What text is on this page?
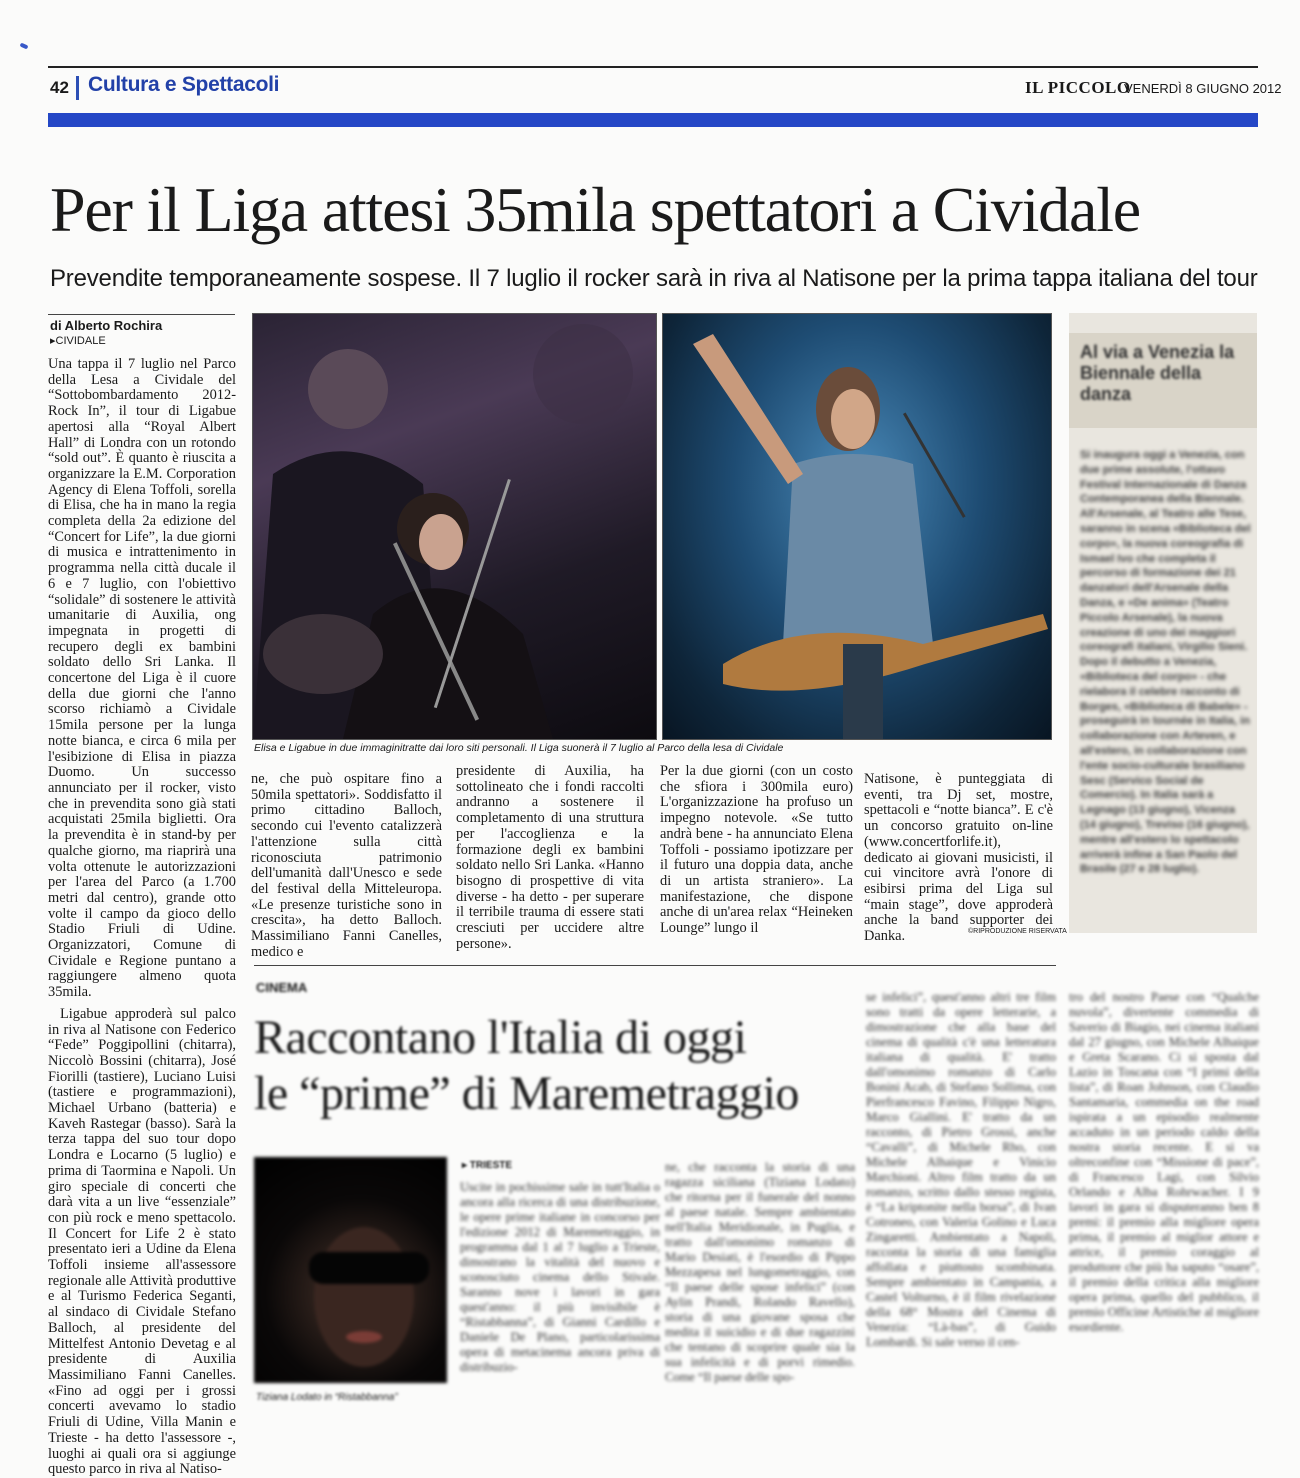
42 Cultura e Spettacoli	IL PICCOLO
VENERDÌ 8 GIUGNO 2012
Per il Liga attesi 35mila spettatori a Cividale
Prevendite temporaneamente sospese. Il 7 luglio il rocker sarà in riva al Natisone per la prima tappa italiana del tour
di Alberto Rochira
▸ CIVIDALE

Una tappa il 7 luglio nel Parco della Lesa a Cividale del “Sottobombardamento 2012-Rock In”, il tour di Ligabue apertosi alla “Royal Albert Hall” di Londra con un rotondo “sold out”. È quanto è riuscita a organizzare la E.M. Corporation Agency di Elena Toffoli, sorella di Elisa, che ha in mano la regia completa della 2a edizione del “Concert for Life”, la due giorni di musica e intrattenimento in programma nella città ducale il 6 e 7 luglio, con l'obiettivo “solidale” di sostenere le attività umanitarie di Auxilia, ong impegnata in progetti di recupero degli ex bambini soldato dello Sri Lanka. Il concertone del Liga è il cuore della due giorni che l'anno scorso richiamò a Cividale 15mila persone per la lunga notte bianca, e circa 6 mila per l'esibizione di Elisa in piazza Duomo. Un successo annunciato per il rocker, visto che in prevendita sono già stati acquistati 25mila biglietti. Ora la prevendita è in stand-by per qualche giorno, ma riaprirà una volta ottenute le autorizzazioni per l'area del Parco (a 1.700 metri dal centro), grande otto volte il campo da gioco dello Stadio Friuli di Udine. Organizzatori, Comune di Cividale e Regione puntano a raggiungere almeno quota 35mila.

Ligabue approderà sul palco in riva al Natisone con Federico “Fede” Poggipollini (chitarra), Niccolò Bossini (chitarra), José Fiorilli (tastiere), Luciano Luisi (tastiere e programmazioni), Michael Urbano (batteria) e Kaveh Rastegar (basso). Sarà la terza tappa del suo tour dopo Londra e Locarno (5 luglio) e prima di Taormina e Napoli. Un giro speciale di concerti che darà vita a un live “essenziale” con più rock e meno spettacolo. Il Concert for Life 2 è stato presentato ieri a Udine da Elena Toffoli insieme all'assessore regionale alle Attività produttive e al Turismo Federica Seganti, al sindaco di Cividale Stefano Balloch, al presidente del Mittelfest Antonio Devetag e al presidente di Auxilia Massimiliano Fanni Canelles. «Fino ad oggi per i grossi concerti avevamo lo stadio Friuli di Udine, Villa Manin e Trieste - ha detto l'assessore -, luoghi ai quali ora si aggiunge questo parco in riva al Natiso-

Elisa e Ligabue in due immaginitratte dai loro siti personali. Il Liga suonerà il 7 luglio al Parco della lesa di Cividale
ne, che può ospitare fino a 50mila spettatori». Soddisfatto il primo cittadino Balloch, secondo cui l'evento catalizzerà l'attenzione sulla città riconosciuta patrimonio dell'umanità dall'Unesco e sede del festival della Mitteleuropa. «Le presenze turistiche sono in crescita», ha detto Balloch. Massimiliano Fanni Canelles, medico e
presidente di Auxilia, ha sottolineato che i fondi raccolti andranno a sostenere il completamento di una struttura per l'accoglienza e la formazione degli ex bambini soldato nello Sri Lanka. «Hanno bisogno di prospettive di vita diverse - ha detto - per superare il terribile trauma di essere stati cresciuti per uccidere altre persone».
Per la due giorni (con un costo che sfiora i 300mila euro) L'organizzazione ha profuso un impegno notevole. «Se tutto andrà bene - ha annunciato Elena Toffoli - possiamo ipotizzare per il futuro una doppia data, anche di un artista straniero». La manifestazione, che dispone anche di un'area relax “Heineken Lounge” lungo il
Natisone, è punteggiata di eventi, tra Dj set, mostre, spettacoli e “notte bianca”. E c'è un concorso gratuito on-line (www.concertforlife.it), dedicato ai giovani musicisti, il cui vincitore avrà l'onore di esibirsi prima del Liga sul “main stage”, dove approderà anche la band supporter dei Danka.	©RIPRODUZIONE RISERVATA
Al via a Venezia la Biennale della danza
Si inaugura oggi a Venezia, con due prime assolute, l'ottavo Festival Internazionale di Danza Contemporanea della Biennale. All'Arsenale, al Teatro alle Tese, saranno in scena «Biblioteca del corpo», la nuova coreografia di Ismael Ivo che completa il percorso di formazione dei 21 danzatori dell'Arsenale della Danza, e «De anima» (Teatro Piccolo Arsenale), la nuova creazione di uno dei maggiori coreografi italiani, Virgilio Sieni. Dopo il debutto a Venezia, «Biblioteca del corpo» - che rielabora il celebre racconto di Borges, «Biblioteca di Babele» - proseguirà in tournée in Italia, in collaborazione con Arteven, e all'estero, in collaborazione con l'ente socio-culturale brasiliano Sesc (Servico Social de Comercio). In Italia sarà a Legnago (13 giugno), Vicenza (14 giugno), Treviso (16 giugno), mentre all'estero lo spettacolo arriverà infine a San Paolo del Brasile (27 e 28 luglio).
CINEMA
Raccontano l'Italia di oggi
le “prime” di Maremetraggio
Tiziana Lodato in “Ristabbanna”
▸ TRIESTE
Uscite in pochissime sale in tutt'Italia o ancora alla ricerca di una distribuzione, le opere prime italiane in concorso per l'edizione 2012 di Maremetraggio, in programma dal 1 al 7 luglio a Trieste, dimostrano la vitalità del nuovo e sconosciuto cinema dello Stivale. Saranno nove i lavori in gara quest'anno: il più invisibile è “Ristabbanna”, di Gianni Cardillo e Daniele De Plano, particolarissima opera di metacinema ancora priva di distribuzio-
ne, che racconta la storia di una ragazza siciliana (Tiziana Lodato) che ritorna per il funerale del nonno al paese natale. Sempre ambientato nell'Italia Meridionale, in Puglia, e tratto dall'omonimo romanzo di Mario Desiati, è l'esordio di Pippo Mezzapesa nel lungometraggio, con “Il paese delle spose infelici” (con Aylin Prandi, Rolando Ravello), storia di una giovane sposa che medita il suicidio e di due ragazzini che tentano di scoprire quale sia la sua infelicità e di porvi rimedio. Come “Il paese delle spo-
se infelici”, quest'anno altri tre film sono tratti da opere letterarie, a dimostrazione che alla base del cinema di qualità c'è una letteratura italiana di qualità. E' tratto dall'omonimo romanzo di Carlo Bonini Acab, di Stefano Sollima, con Pierfrancesco Favino, Filippo Nigro, Marco Giallini. E' tratto da un racconto, di Pietro Grossi, anche “Cavalli”, di Michele Rho, con Michele Alhaique e Vinicio Marchioni. Altro film tratto da un romanzo, scritto dallo stesso regista, è “La kriptonite nella borsa”, di Ivan Cotroneo, con Valeria Golino e Luca Zingaretti. Ambientato a Napoli, racconta la storia di una famiglia affollata e piuttosto scombinata. Sempre ambientato in Campania, a Castel Volturno, è il film rivelazione della 68° Mostra del Cinema di Venezia: “Là-bas”, di Guido Lombardi. Si sale verso il cen-
tro del nostro Paese con “Qualche nuvola”, divertente commedia di Saverio di Biagio, nei cinema italiani dal 27 giugno, con Michele Alhaique e Greta Scarano. Ci si sposta dal Lazio in Toscana con “I primi della lista”, di Roan Johnson, con Claudio Santamaria, commedia on the road ispirata a un episodio realmente accaduto in un periodo caldo della nostra storia recente. E si va oltreconfine con “Missione di pace”, di Francesco Lagi, con Silvio Orlando e Alba Rohrwacher. I 9 lavori in gara si disputeranno ben 8 premi: il premio alla migliore opera prima, il premio al miglior attore e attrice, il premio coraggio al produttore che più ha saputo “osare”, il premio della critica alla migliore opera prima, quello del pubblico, il premio Officine Artistiche al migliore esordiente.
